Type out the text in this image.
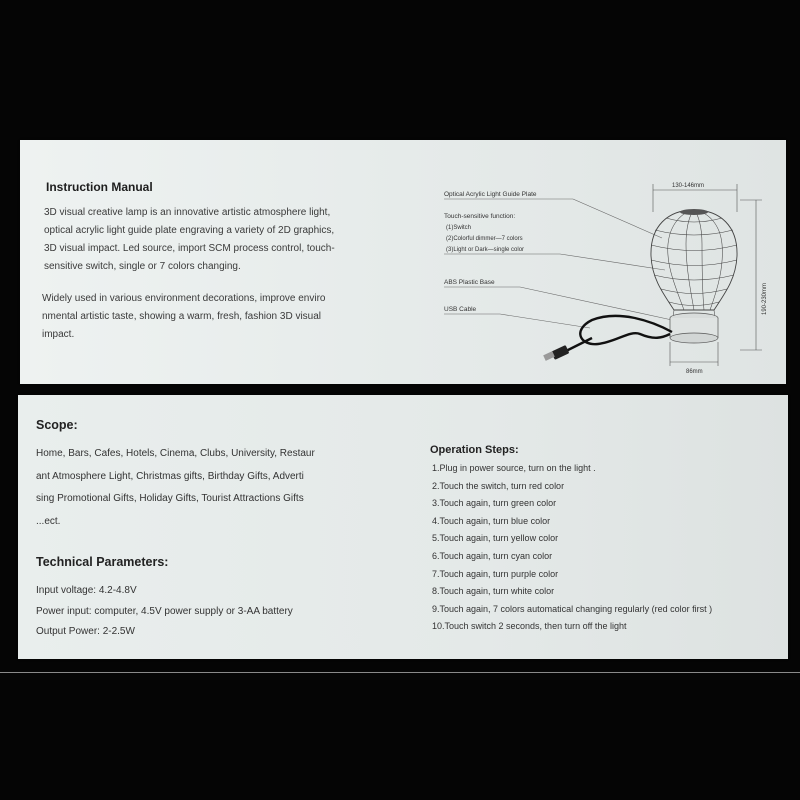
Instruction Manual
3D visual creative lamp is an innovative artistic atmosphere light,
optical acrylic light guide plate engraving a variety of 2D graphics,
3D visual impact. Led source, import SCM process control, touch-
sensitive switch, single or 7 colors changing.
Widely used in various environment decorations, improve enviro
nmental artistic taste, showing a warm, fresh, fashion 3D visual
impact.
Optical Acrylic Light Guide Plate
Touch-sensitive function:
(1)Switch
(2)Colorful dimmer—7 colors
(3)Light or Dark—single color
ABS Plastic Base
USB Cable
130-146mm
190-230mm
86mm
Scope:
Home, Bars, Cafes, Hotels, Cinema, Clubs, University, Restaur
ant Atmosphere Light, Christmas gifts, Birthday Gifts, Adverti
sing Promotional Gifts, Holiday Gifts, Tourist Attractions Gifts
...ect.
Technical Parameters:
Input voltage: 4.2-4.8V
Power input: computer, 4.5V power supply or 3-AA battery
Output Power: 2-2.5W
Operation Steps:
1.Plug in power source, turn on the light .
2.Touch the switch, turn red color
3.Touch again, turn green color
4.Touch again, turn blue color
5.Touch again, turn yellow color
6.Touch again, turn cyan color
7.Touch again, turn purple color
8.Touch again, turn white color
9.Touch again, 7 colors automatical changing regularly (red color first )
10.Touch switch 2 seconds, then turn off the light
